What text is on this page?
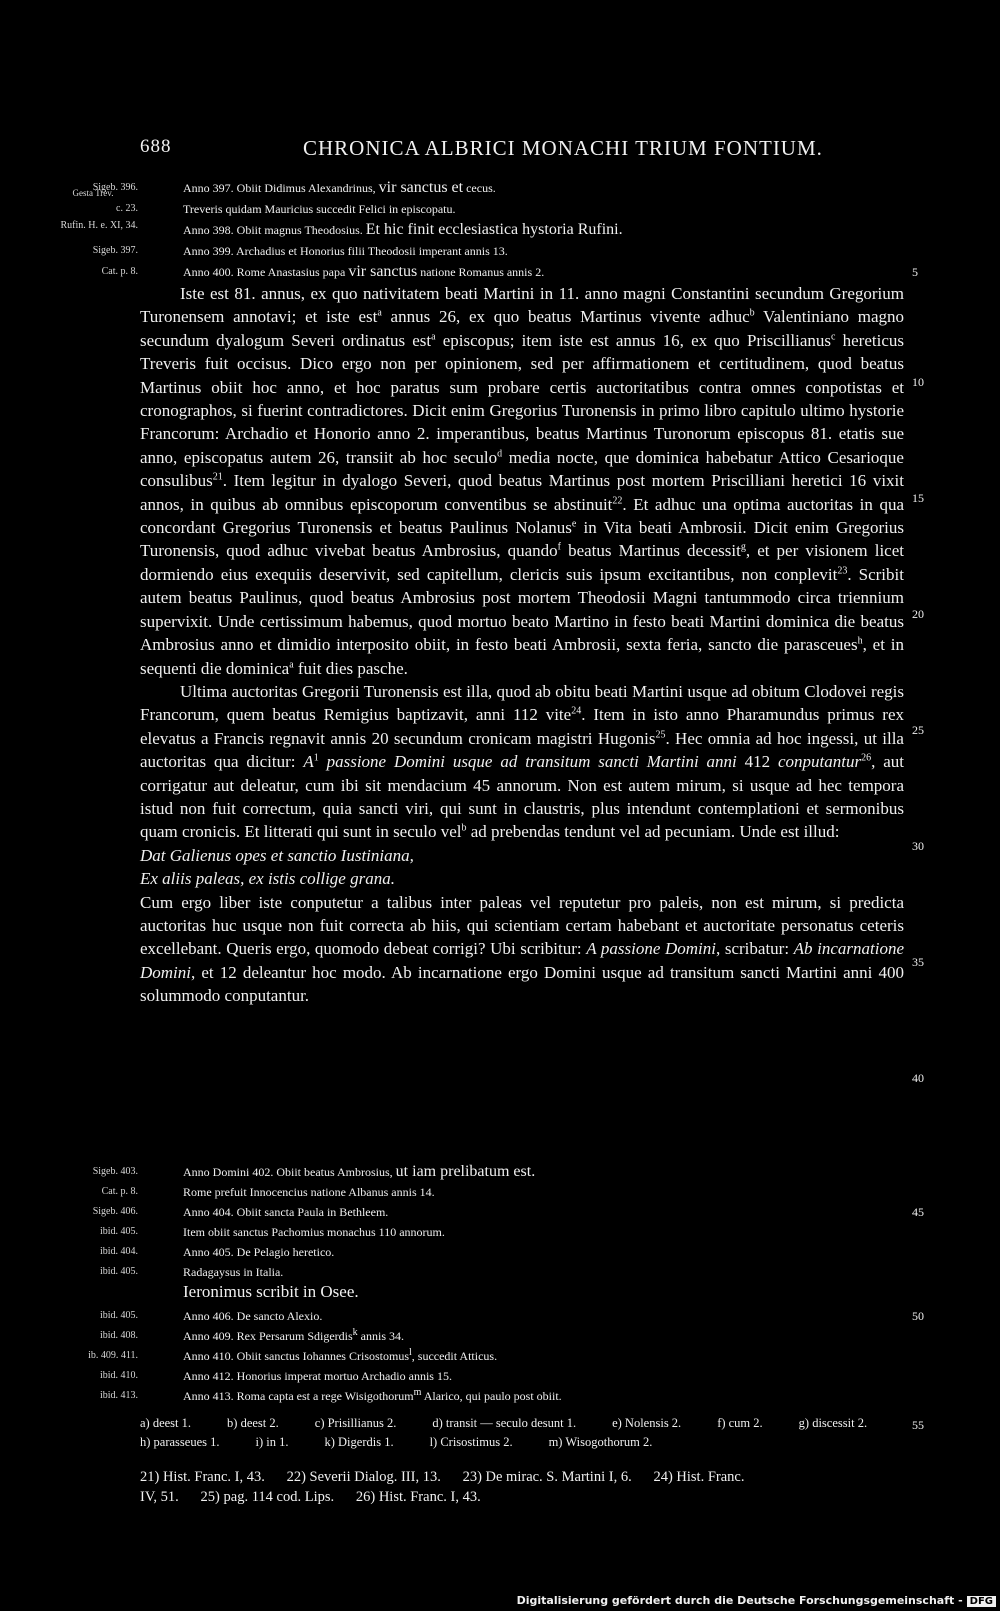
688	CHRONICA ALBRICI MONACHI TRIUM FONTIUM.
Gesta Trev.
Sigeb. 396.	Anno 397. Obiit Didimus Alexandrinus, vir sanctus et cecus.
c. 23.	Treveris quidam Mauricius succedit Felici in episcopatu.
Rufin. H. e. XI, 34.	Anno 398. Obiit magnus Theodosius. Et hic finit ecclesiastica hystoria Rufini.
Sigeb. 397.	Anno 399. Archadius et Honorius filii Theodosii imperant annis 13.
Cat. p. 8.	Anno 400. Rome Anastasius papa vir sanctus natione Romanus annis 2.	5

Iste est 81. annus, ex quo nativitatem beati Martini in 11. anno magni Constantini secundum Gregorium Turonensem annotavi; et iste est$^a$ annus 26, ex quo beatus Martinus vivente adhuc$^b$ Valentiniano magno secundum dyalogum Severi ordinatus est$^a$ episcopus; item iste est annus 16, ex quo Priscillianus$^c$ hereticus Treveris fuit occisus. Dico ergo non per opinionem, sed per affirmationem et certitudinem, quod beatus Martinus obiit hoc anno, et hoc paratus sum probare certis auctoritatibus contra omnes conpotistas et cronographos, si fuerint contradictores. Dicit enim Gregorius Turonensis in primo libro capitulo ultimo hystorie Francorum: Archadio et Honorio anno 2. imperantibus, beatus Martinus Turonorum episcopus 81. etatis sue anno, episcopatus autem 26, transiit ab hoc seculo$^d$ media nocte, que dominica habebatur Attico Cesarioque consulibus$^{21}$. Item legitur in dyalogo Severi, quod beatus Martinus post mortem Priscilliani heretici 16 vixit annos, in quibus ab omnibus episcoporum conventibus se abstinuit$^{22}$. Et adhuc una optima auctoritas in qua concordant Gregorius Turonensis et beatus Paulinus Nolanus$^e$ in Vita beati Ambrosii. Dicit enim Gregorius Turonensis, quod adhuc vivebat beatus Ambrosius, quando$^f$ beatus Martinus decessit$^g$, et per visionem licet dormiendo eius exequiis deservivit, sed capitellum, clericis suis ipsum excitantibus, non conplevit$^{23}$. Scribit autem beatus Paulinus, quod beatus Ambrosius post mortem Theodosii Magni tantummodo circa triennium supervixit. Unde certissimum habemus, quod mortuo beato Martino in festo beati Martini dominica die beatus Ambrosius anno et dimidio interposito obiit, in festo beati Ambrosii, sexta feria, sancto die parasceues$^h$, et in sequenti die dominica$^a$ fuit dies pasche.

Ultima auctoritas Gregorii Turonensis est illa, quod ab obitu beati Martini usque ad obitum Clodovei regis Francorum, quem beatus Remigius baptizavit, anni 112 vite$^{24}$. Item in isto anno Pharamundus primus rex elevatus a Francis regnavit annis 20 secundum cronicam magistri Hugonis$^{25}$. Hec omnia ad hoc ingessi, ut illa auctoritas qua dicitur: $A^1$ passione Domini usque ad transitum sancti Martini anni 412 conputantur$^{26}$, aut corrigatur aut deleatur, cum ibi sit mendacium 45 annorum. Non est autem mirum, si usque ad hec tempora istud non fuit correctum, quia sancti viri, qui sunt in claustris, plus intendunt contemplationi et sermonibus quam cronicis. Et litterati qui sunt in seculo vel$^b$ ad prebendas tendunt vel ad pecuniam. Unde est illud:

Dat Galienus opes et sanctio Iustiniana,

Ex aliis paleas, ex istis collige grana.

Cum ergo liber iste conputetur a talibus inter paleas vel reputetur pro paleis, non est mirum, si predicta auctoritas huc usque non fuit correcta ab hiis, qui scientiam certam habebant et auctoritate personatus ceteris excellebant. Queris ergo, quomodo debeat corrigi? Ubi scribitur: A passione Domini, scribatur: Ab incarnatione Domini, et 12 deleantur hoc modo. Ab incarnatione ergo Domini usque ad transitum sancti Martini anni 400 solummodo conputantur.

10
15
20
25
30
35
40
Sigeb. 403.	Anno Domini 402. Obiit beatus Ambrosius, ut iam prelibatum est.
Cat. p. 8.	Rome prefuit Innocencius natione Albanus annis 14.
Sigeb. 406.	Anno 404. Obiit sancta Paula in Bethleem.	45
ibid. 405.	Item obiit sanctus Pachomius monachus 110 annorum.
ibid. 404.	Anno 405. De Pelagio heretico.
ibid. 405.	Radagaysus in Italia.
Ieronimus scribit in Osee.
ibid. 405.	Anno 406. De sancto Alexio.	50
ibid. 408.	Anno 409. Rex Persarum Sdigerdis$^k$ annis 34.
ib. 409. 411.	Anno 410. Obiit sanctus Iohannes Crisostomus$^l$, succedit Atticus.
ibid. 410.	Anno 412. Honorius imperat mortuo Archadio annis 15.
ibid. 413.	Anno 413. Roma capta est a rege Wisigothorum$^m$ Alarico, qui paulo post obiit.
a) deest 1.	b) deest 2.	c) Prisillianus 2.	d) transit — seculo desunt 1.	e) Nolensis 2.	f) cum 2.	g) discessit 2.	55
h) parasseues 1.	i) in 1.	k) Digerdis 1.	l) Crisostimus 2.	m) Wisogothorum 2.
21) Hist. Franc. I, 43.      22) Severii Dialog. III, 13.      23) De mirac. S. Martini I, 6.      24) Hist. Franc.
IV, 51.      25) pag. 114 cod. Lips.      26) Hist. Franc. I, 43.
Digitalisierung gefördert durch die Deutsche Forschungsgemeinschaft - DFG
